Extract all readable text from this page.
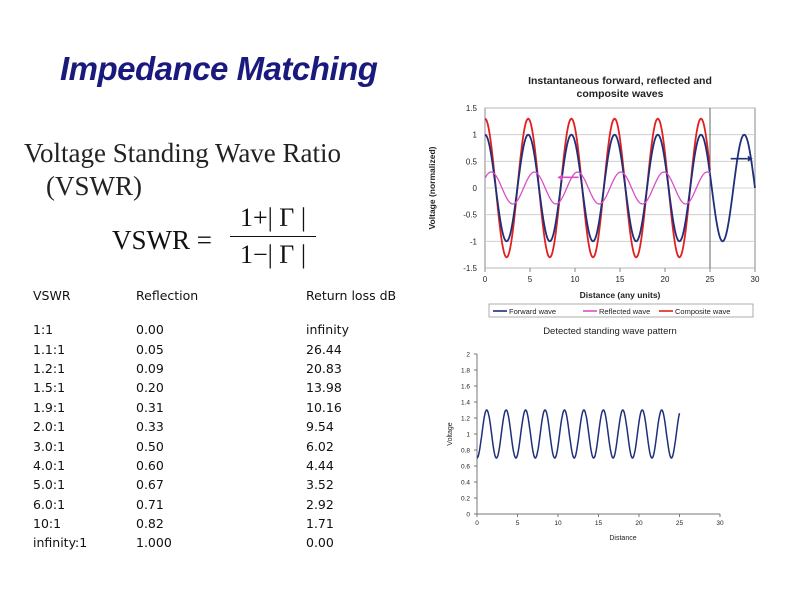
Impedance Matching
Voltage Standing Wave Ratio
(VSWR)
VSWR =
1+| Γ |
1−| Γ |
VSWR	Reflection	Return loss dB
1:1	0.00	infinity
1.1:1	0.05	26.44
1.2:1	0.09	20.83
1.5:1	0.20	13.98
1.9:1	0.31	10.16
2.0:1	0.33	9.54
3.0:1	0.50	6.02
4.0:1	0.60	4.44
5.0:1	0.67	3.52
6.0:1	0.71	2.92
10:1	0.82	1.71
infinity:1	1.000	0.00
Instantaneous forward, reflected and
composite waves
1.5
1
0.5
0
-0.5
-1
-1.5
0	5	10	15	20	25	30
Distance (any units)
Voltage (normalized)
Forward wave	Reflected wave	Composite wave
Detected standing wave pattern
2
1.8
1.6
1.4
1.2
1
0.8
0.6
0.4
0.2
0
0	5	10	15	20	25	30
Distance
Voltage
